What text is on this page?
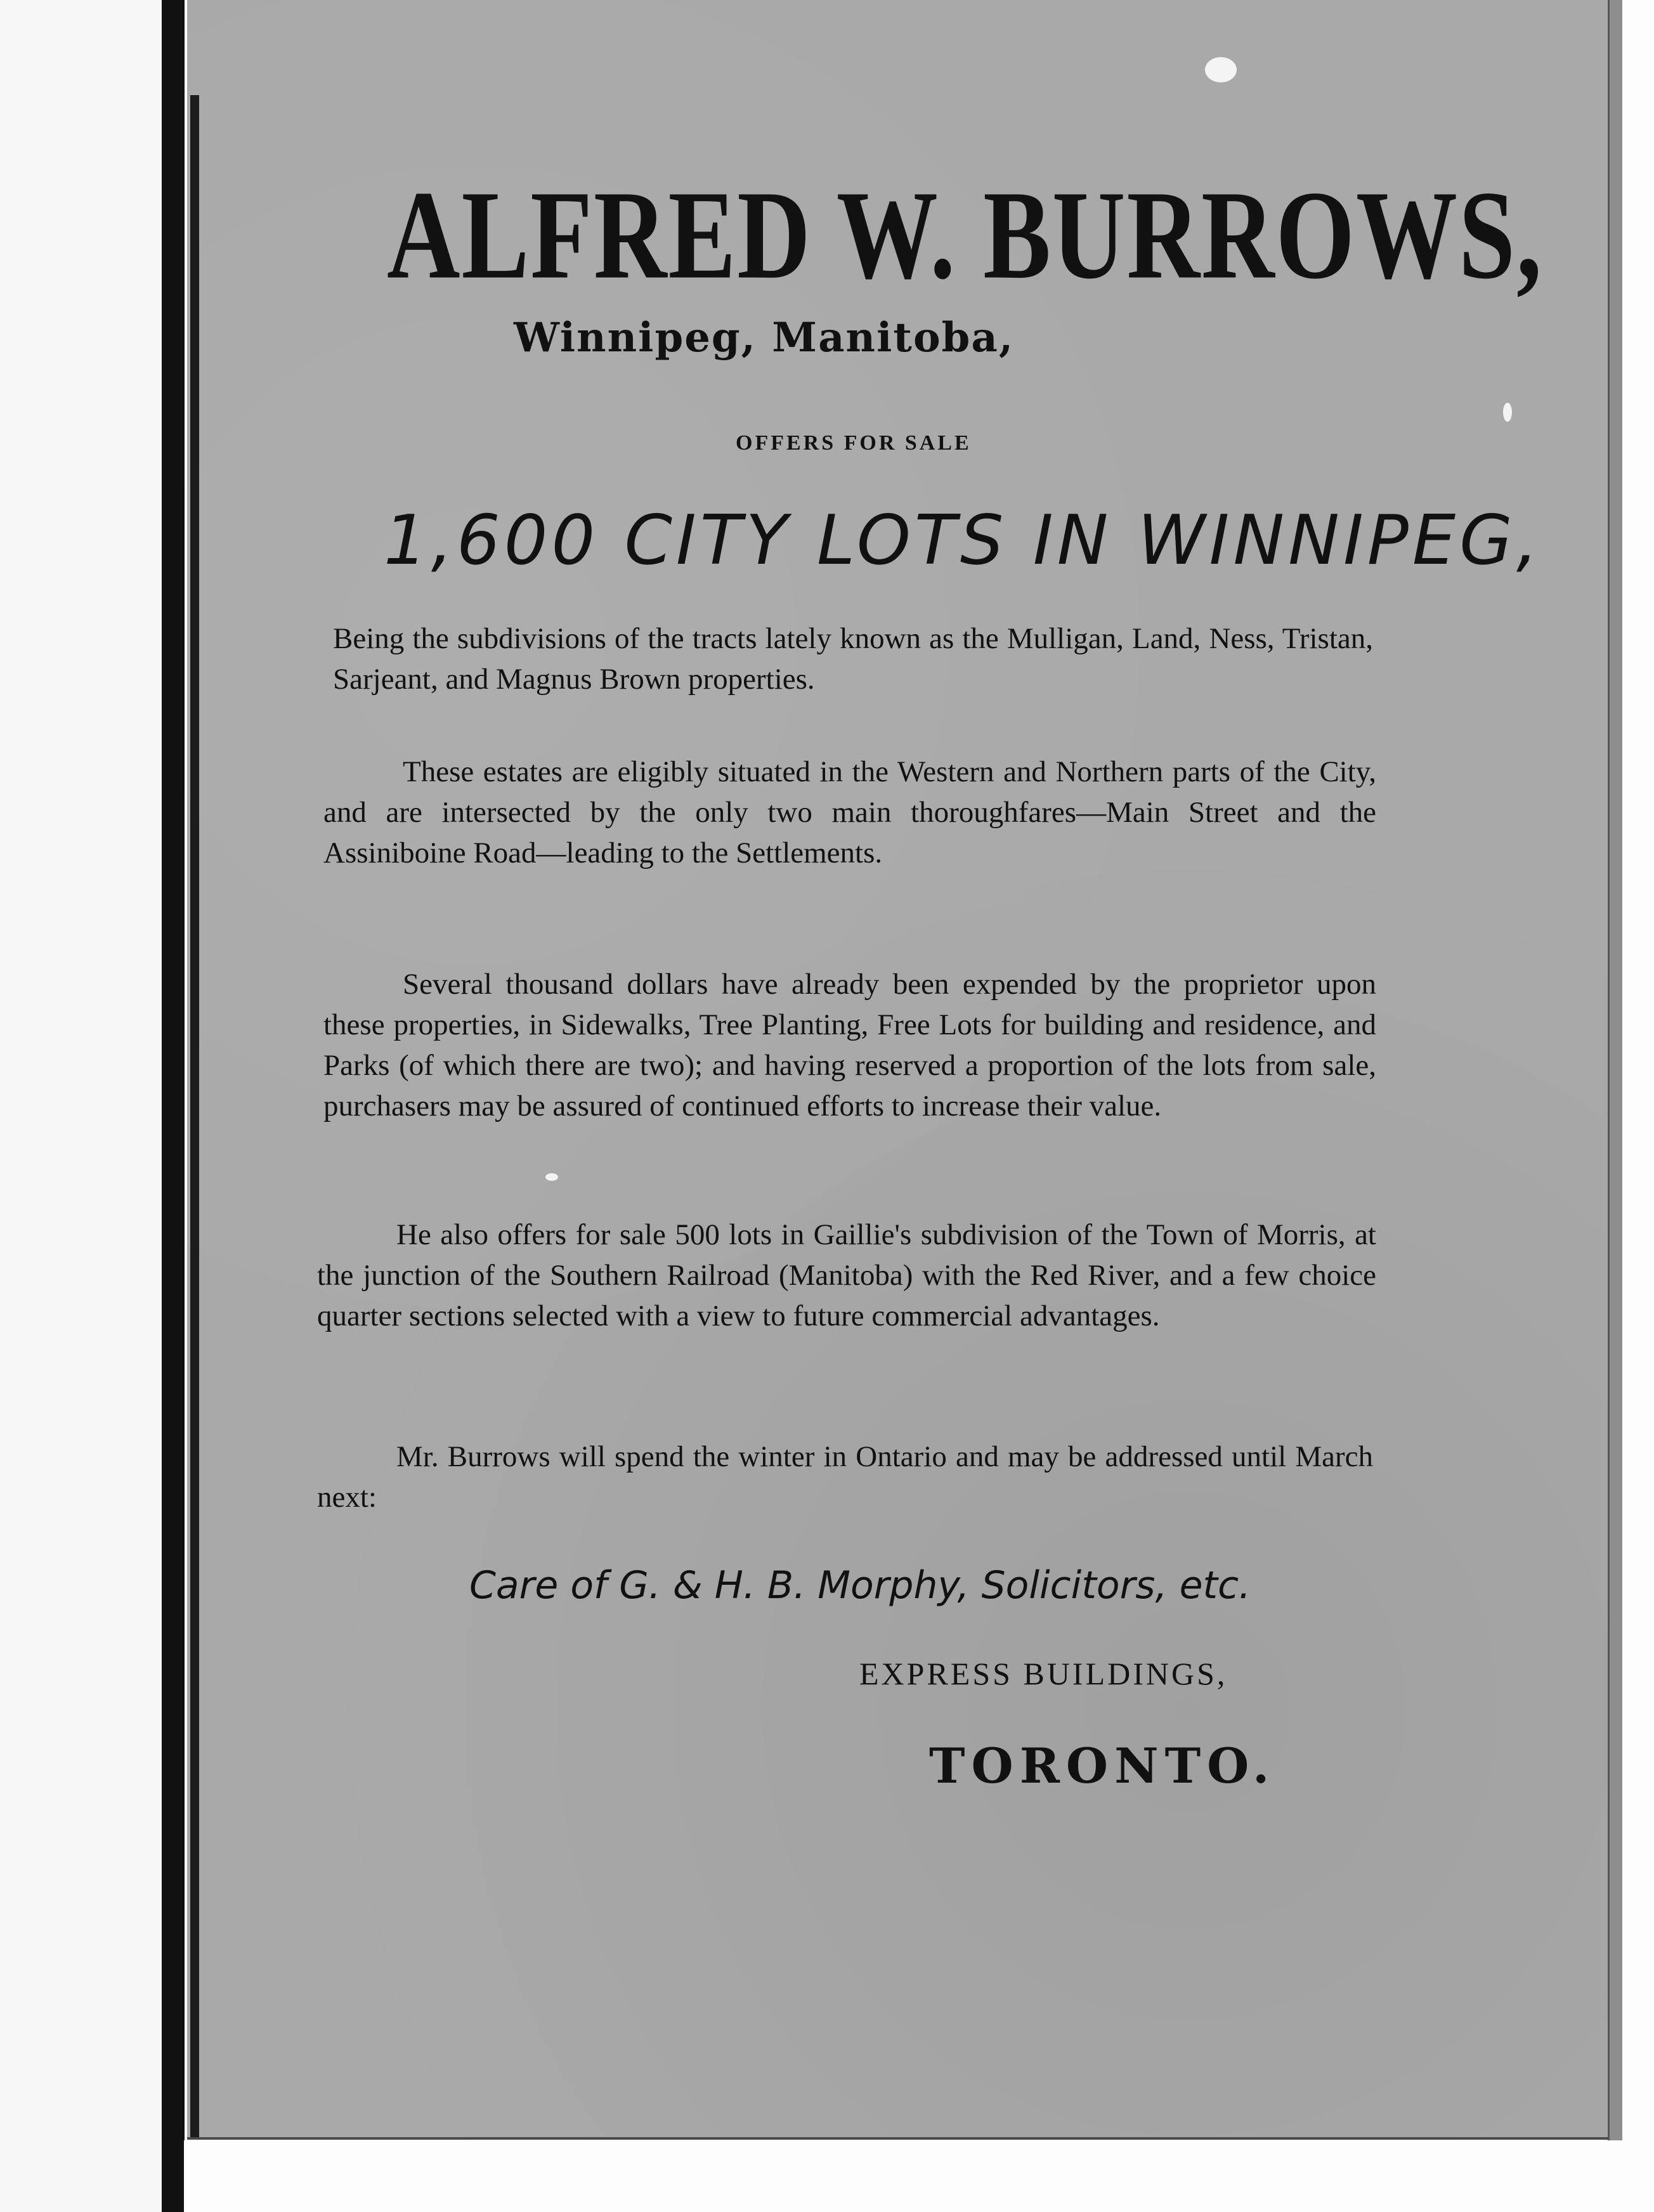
ALFRED W. BURROWS,
Winnipeg, Manitoba,
OFFERS FOR SALE
1,600 CITY LOTS IN WINNIPEG,
Being the subdivisions of the tracts lately known as the Mulligan, Land, Ness, Tristan, Sarjeant, and Magnus Brown properties.
These estates are eligibly situated in the Western and Northern parts of the City, and are intersected by the only two main thoroughfares—Main Street and the Assiniboine Road—leading to the Settlements.
Several thousand dollars have already been expended by the proprietor upon these properties, in Sidewalks, Tree Planting, Free Lots for building and residence, and Parks (of which there are two); and having reserved a proportion of the lots from sale, purchasers may be assured of continued efforts to increase their value.
He also offers for sale 500 lots in Gaillie's subdivision of the Town of Morris, at the junction of the Southern Railroad (Manitoba) with the Red River, and a few choice quarter sections selected with a view to future commercial advantages.
Mr. Burrows will spend the winter in Ontario and may be addressed until March next:
Care of G. & H. B. Morphy, Solicitors, etc.
EXPRESS BUILDINGS,
TORONTO.
